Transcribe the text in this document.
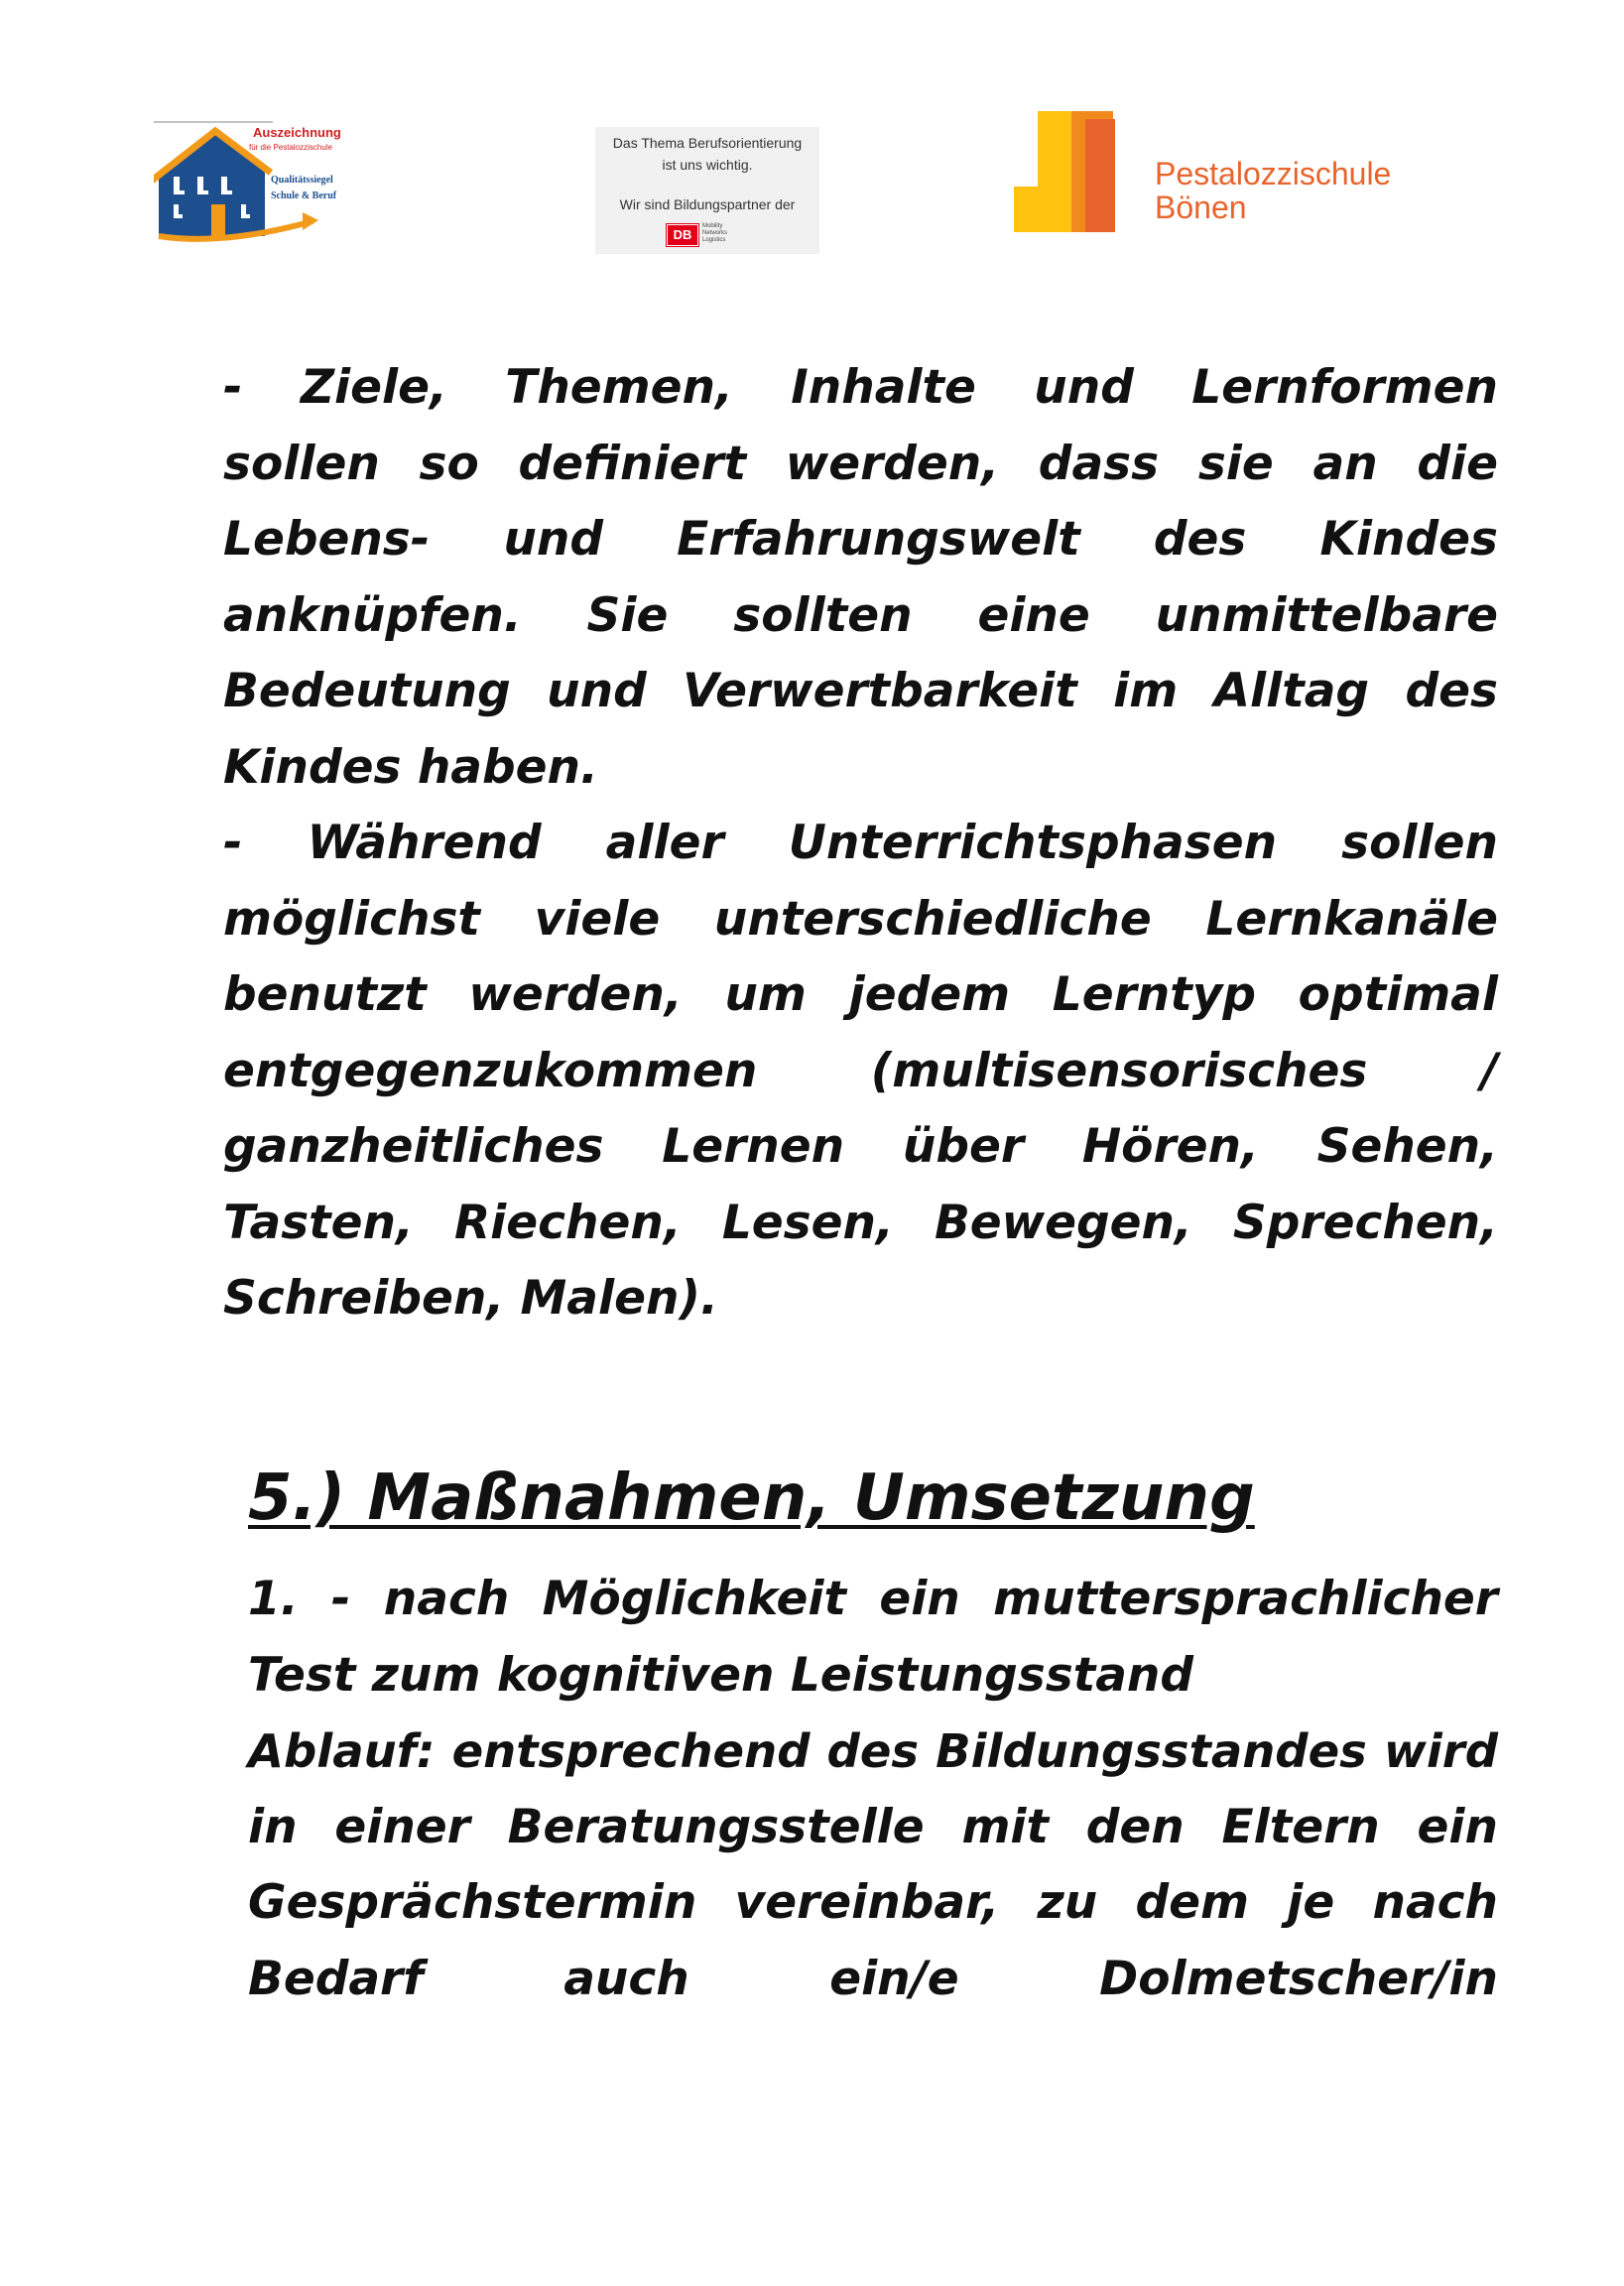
Auszeichnung
für die Pestalozzischule
Qualitätssiegel
Schule & Beruf
Das Thema Berufsorientierung
ist uns wichtig.
Wir sind Bildungspartner der
DB
Mobility Networks Logistics
Pestalozzischule
Bönen
- Ziele, Themen, Inhalte und Lernformen
sollen so definiert werden, dass sie an die
Lebens- und Erfahrungswelt des Kindes
anknüpfen. Sie sollten eine unmittelbare
Bedeutung und Verwertbarkeit im Alltag des
Kindes haben.
- Während aller Unterrichtsphasen sollen
möglichst viele unterschiedliche Lernkanäle
benutzt werden, um jedem Lerntyp optimal
entgegenzukommen (multisensorisches /
ganzheitliches Lernen über Hören, Sehen,
Tasten, Riechen, Lesen, Bewegen, Sprechen,
Schreiben, Malen).
5.) Maßnahmen, Umsetzung
1. - nach Möglichkeit ein muttersprachlicher
Test zum kognitiven Leistungsstand
Ablauf: entsprechend des Bildungsstandes wird
in einer Beratungsstelle mit den Eltern ein
Gesprächstermin vereinbar, zu dem je nach
Bedarf auch ein/e Dolmetscher/in
